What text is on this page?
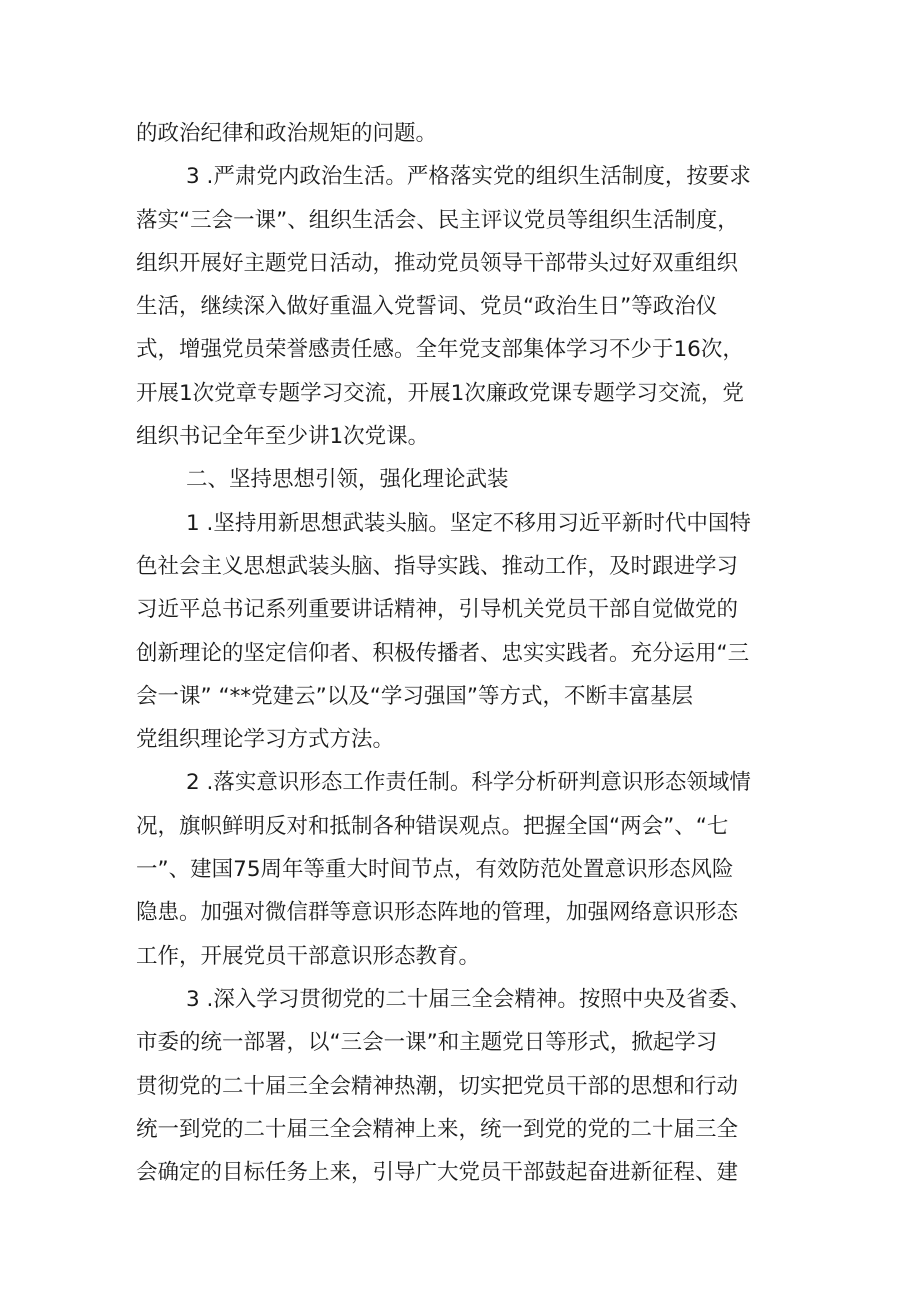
的政治纪律和政治规矩的问题。
3 .严肃党内政治生活。严格落实党的组织生活制度，按要求
落实“三会一课”、组织生活会、民主评议党员等组织生活制度，
组织开展好主题党日活动，推动党员领导干部带头过好双重组织
生活，继续深入做好重温入党誓词、党员“政治生日”等政治仪
式，增强党员荣誉感责任感。全年党支部集体学习不少于16次，
开展1次党章专题学习交流，开展1次廉政党课专题学习交流，党
组织书记全年至少讲1次党课。
二、坚持思想引领，强化理论武装
1 .坚持用新思想武装头脑。坚定不移用习近平新时代中国特
色社会主义思想武装头脑、指导实践、推动工作，及时跟进学习
习近平总书记系列重要讲话精神，引导机关党员干部自觉做党的
创新理论的坚定信仰者、积极传播者、忠实实践者。充分运用“三
会一课” “**党建云”以及“学习强国”等方式，不断丰富基层
党组织理论学习方式方法。
2 .落实意识形态工作责任制。科学分析研判意识形态领域情
况，旗帜鲜明反对和抵制各种错误观点。把握全国“两会”、“七
一”、建国75周年等重大时间节点，有效防范处置意识形态风险
隐患。加强对微信群等意识形态阵地的管理，加强网络意识形态
工作，开展党员干部意识形态教育。
3 .深入学习贯彻党的二十届三全会精神。按照中央及省委、
市委的统一部署，以“三会一课”和主题党日等形式，掀起学习
贯彻党的二十届三全会精神热潮，切实把党员干部的思想和行动
统一到党的二十届三全会精神上来，统一到党的党的二十届三全
会确定的目标任务上来，引导广大党员干部鼓起奋进新征程、建
